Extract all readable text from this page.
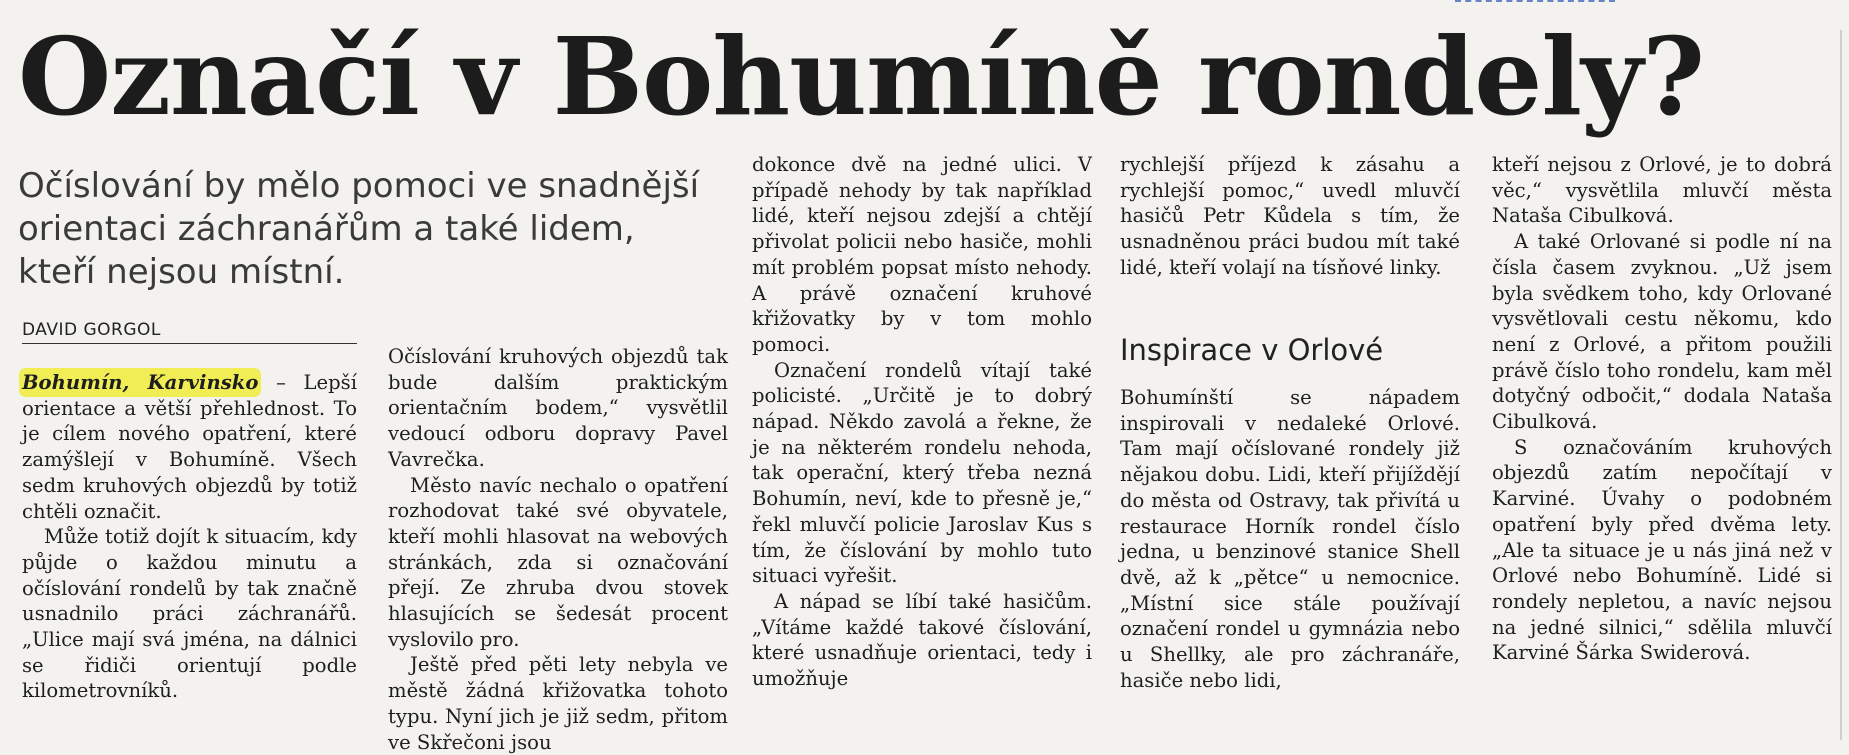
Označí v Bohumíně rondely?
Očíslování by mělo pomoci ve snadnější orientaci záchranářům a také lidem, kteří nejsou místní.
DAVID GORGOL

Bohumín, Karvinsko – Lepší orientace a větší přehlednost. To je cílem nového opatření, které zamýšlejí v Bohumíně. Všech sedm kruhových objezdů by totiž chtěli označit.

Může totiž dojít k situacím, kdy půjde o každou minutu a očíslování rondelů by tak značně usnadnilo práci záchranářů. „Ulice mají svá jména, na dálnici se řidiči orientují podle kilometrovníků.

Očíslování kruhových objezdů tak bude dalším praktickým orientačním bodem,“ vysvětlil vedoucí odboru dopravy Pavel Vavrečka.

Město navíc nechalo o opatření rozhodovat také své obyvatele, kteří mohli hlasovat na webových stránkách, zda si označování přejí. Ze zhruba dvou stovek hlasujících se šedesát procent vyslovilo pro.

Ještě před pěti lety nebyla ve městě žádná křižovatka tohoto typu. Nyní jich je již sedm, přitom ve Skřečoni jsou

dokonce dvě na jedné ulici. V případě nehody by tak například lidé, kteří nejsou zdejší a chtějí přivolat policii nebo hasiče, mohli mít problém popsat místo nehody. A právě označení kruhové křižovatky by v tom mohlo pomoci.

Označení rondelů vítají také policisté. „Určitě je to dobrý nápad. Někdo zavolá a řekne, že je na některém rondelu nehoda, tak operační, který třeba nezná Bohumín, neví, kde to přesně je,“ řekl mluvčí policie Jaroslav Kus s tím, že číslování by mohlo tuto situaci vyřešit.

A nápad se líbí také hasičům. „Vítáme každé takové číslování, které usnadňuje orientaci, tedy i umožňuje

rychlejší příjezd k zásahu a rychlejší pomoc,“ uvedl mluvčí hasičů Petr Kůdela s tím, že usnadněnou práci budou mít také lidé, kteří volají na tísňové linky.

Inspirace v Orlové

Bohumínští se nápadem inspirovali v nedaleké Orlové. Tam mají očíslované rondely již nějakou dobu. Lidi, kteří přijíždějí do města od Ostravy, tak přivítá u restaurace Horník rondel číslo jedna, u benzinové stanice Shell dvě, až k „pětce“ u nemocnice. „Místní sice stále používají označení rondel u gymnázia nebo u Shellky, ale pro záchranáře, hasiče nebo lidi,

kteří nejsou z Orlové, je to dobrá věc,“ vysvětlila mluvčí města Nataša Cibulková.

A také Orlované si podle ní na čísla časem zvyknou. „Už jsem byla svědkem toho, kdy Orlované vysvětlovali cestu někomu, kdo není z Orlové, a přitom použili právě číslo toho rondelu, kam měl dotyčný odbočit,“ dodala Nataša Cibulková.

S označováním kruhových objezdů zatím nepočítají v Karviné. Úvahy o podobném opatření byly před dvěma lety. „Ale ta situace je u nás jiná než v Orlové nebo Bohumíně. Lidé si rondely nepletou, a navíc nejsou na jedné silnici,“ sdělila mluvčí Karviné Šárka Swiderová.
